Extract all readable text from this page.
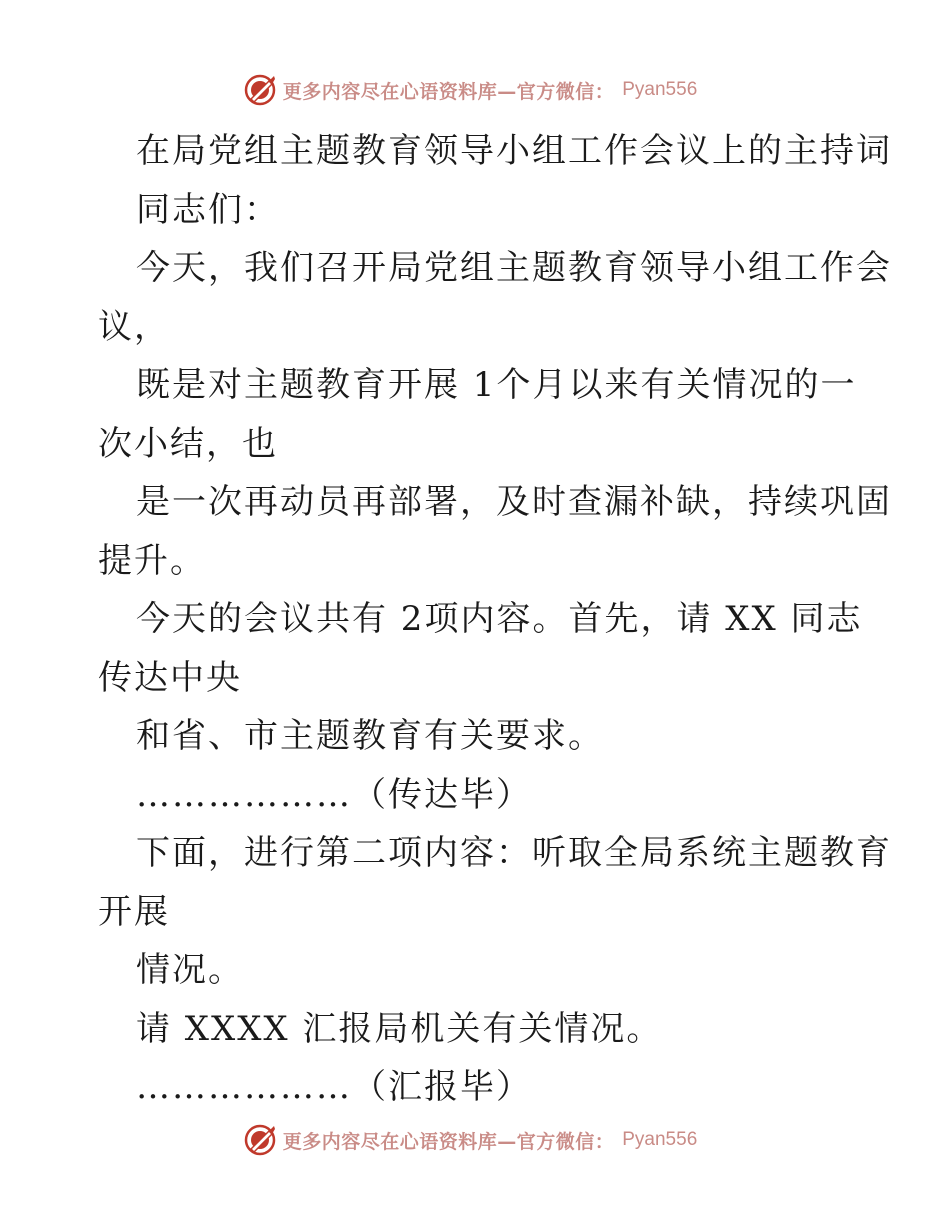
更多内容尽在心语资料库—官方微信： Pyan556
在局党组主题教育领导小组工作会议上的主持词
同志们：
今天，我们召开局党组主题教育领导小组工作会
议，
既是对主题教育开展 1个月以来有关情况的一
次小结，也
是一次再动员再部署，及时查漏补缺，持续巩固
提升。
今天的会议共有 2项内容。首先，请 XX 同志
传达中央
和省、市主题教育有关要求。
………………（传达毕）
下面，进行第二项内容：听取全局系统主题教育
开展
情况。
请 XXXX 汇报局机关有关情况。
………………（汇报毕）
更多内容尽在心语资料库—官方微信： Pyan556
